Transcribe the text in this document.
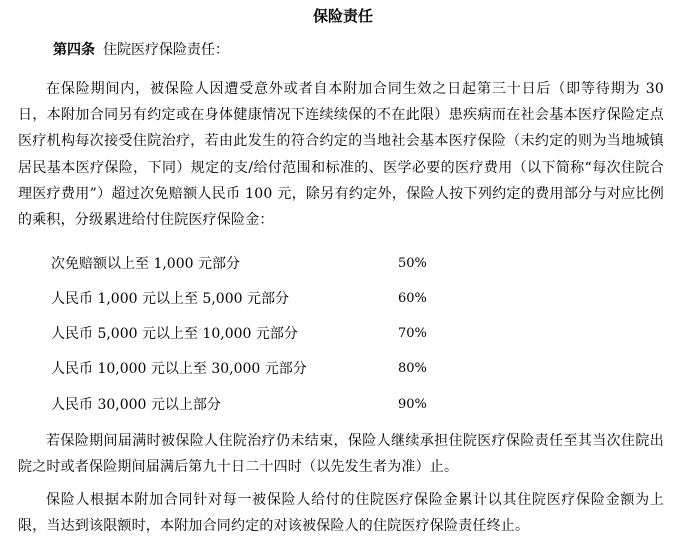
保险责任
第四条 住院医疗保险责任：
在保险期间内，被保险人因遭受意外或者自本附加合同生效之日起第三十日后（即等待期为 30 日，本附加合同另有约定或在身体健康情况下连续续保的不在此限）患疾病而在社会基本医疗保险定点医疗机构每次接受住院治疗，若由此发生的符合约定的当地社会基本医疗保险（未约定的则为当地城镇居民基本医疗保险，下同）规定的支/给付范围和标准的、医学必要的医疗费用（以下简称“每次住院合理医疗费用”）超过次免赔额人民币 100 元，除另有约定外，保险人按下列约定的费用部分与对应比例的乘积，分级累进给付住院医疗保险金：
次免赔额以上至 1,000 元部分	50%
人民币 1,000 元以上至 5,000 元部分	60%
人民币 5,000 元以上至 10,000 元部分	70%
人民币 10,000 元以上至 30,000 元部分	80%
人民币 30,000 元以上部分	90%
若保险期间届满时被保险人住院治疗仍未结束，保险人继续承担住院医疗保险责任至其当次住院出院之时或者保险期间届满后第九十日二十四时（以先发生者为准）止。
保险人根据本附加合同针对每一被保险人给付的住院医疗保险金累计以其住院医疗保险金额为上限，当达到该限额时，本附加合同约定的对该被保险人的住院医疗保险责任终止。
